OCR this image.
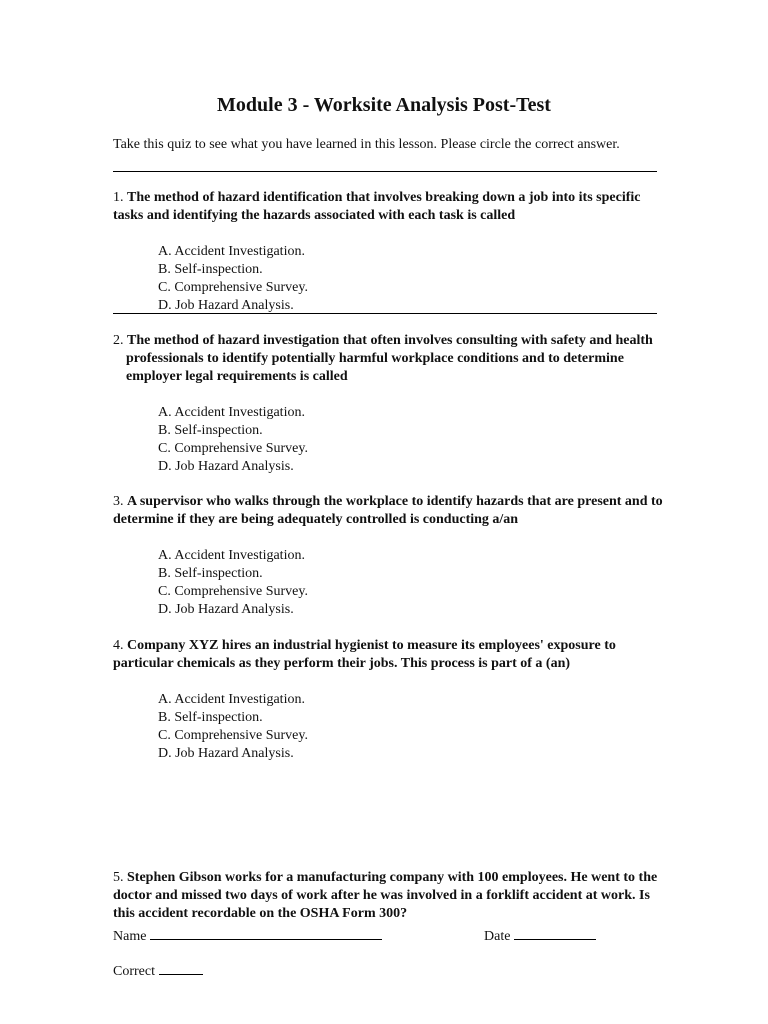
Module 3 - Worksite Analysis Post-Test
Take this quiz to see what you have learned in this lesson. Please circle the correct answer.
1. The method of hazard identification that involves breaking down a job into its specific tasks and identifying the hazards associated with each task is called
A. Accident Investigation.
B. Self-inspection.
C. Comprehensive Survey.
D. Job Hazard Analysis.
2. The method of hazard investigation that often involves consulting with safety and health professionals to identify potentially harmful workplace conditions and to determine employer legal requirements is called
A. Accident Investigation.
B. Self-inspection.
C. Comprehensive Survey.
D. Job Hazard Analysis.
3. A supervisor who walks through the workplace to identify hazards that are present and to determine if they are being adequately controlled is conducting a/an
A. Accident Investigation.
B. Self-inspection.
C. Comprehensive Survey.
D. Job Hazard Analysis.
4. Company XYZ hires an industrial hygienist to measure its employees' exposure to particular chemicals as they perform their jobs. This process is part of a (an)
A. Accident Investigation.
B. Self-inspection.
C. Comprehensive Survey.
D. Job Hazard Analysis.
5. Stephen Gibson works for a manufacturing company with 100 employees. He went to the doctor and missed two days of work after he was involved in a forklift accident at work. Is this accident recordable on the OSHA Form 300?
Name	Date
Correct
